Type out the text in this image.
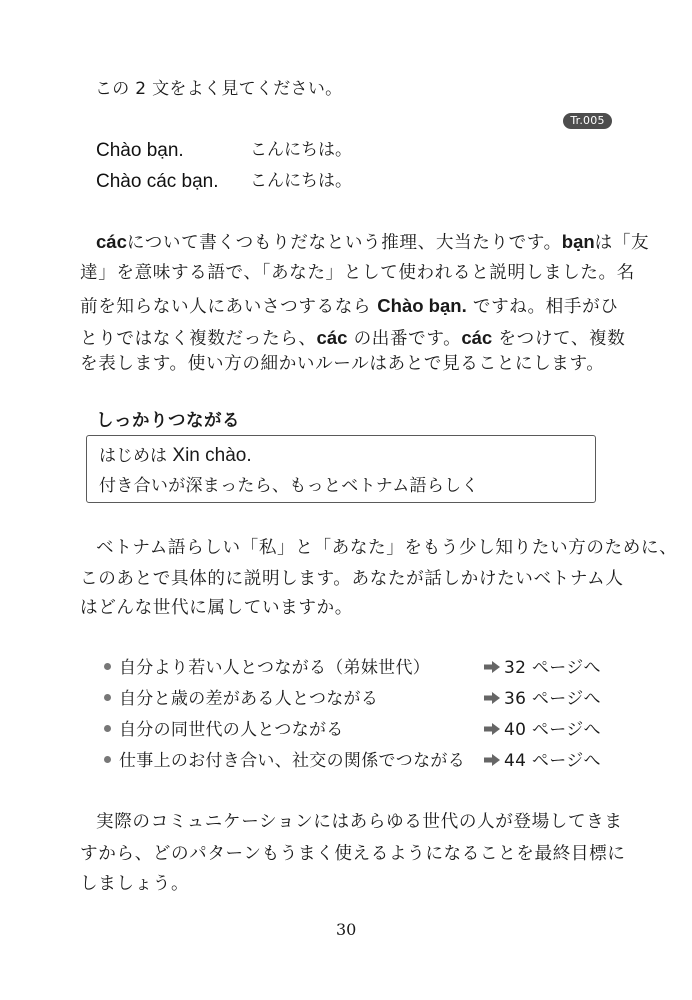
この 2 文をよく見てください。
Tr.005
Chào bạn.	こんにちは。
Chào các bạn. こんにちは。
cácについて書くつもりだなという推理、大当たりです。bạnは「友
達」を意味する語で、「あなた」として使われると説明しました。名
前を知らない人にあいさつするなら Chào bạn. ですね。相手がひ
とりではなく複数だったら、các の出番です。các をつけて、複数
を表します。使い方の細かいルールはあとで見ることにします。
しっかりつながる
はじめは Xin chào.
付き合いが深まったら、もっとベトナム語らしく
ベトナム語らしい「私」と「あなた」をもう少し知りたい方のために、
このあとで具体的に説明します。あなたが話しかけたいベトナム人
はどんな世代に属していますか。
自分より若い人とつながる（弟妹世代）	32 ページへ
自分と歳の差がある人とつながる	36 ページへ
自分の同世代の人とつながる	40 ページへ
仕事上のお付き合い、社交の関係でつながる	44 ページへ
実際のコミュニケーションにはあらゆる世代の人が登場してきま
すから、どのパターンもうまく使えるようになることを最終目標に
しましょう。
30
